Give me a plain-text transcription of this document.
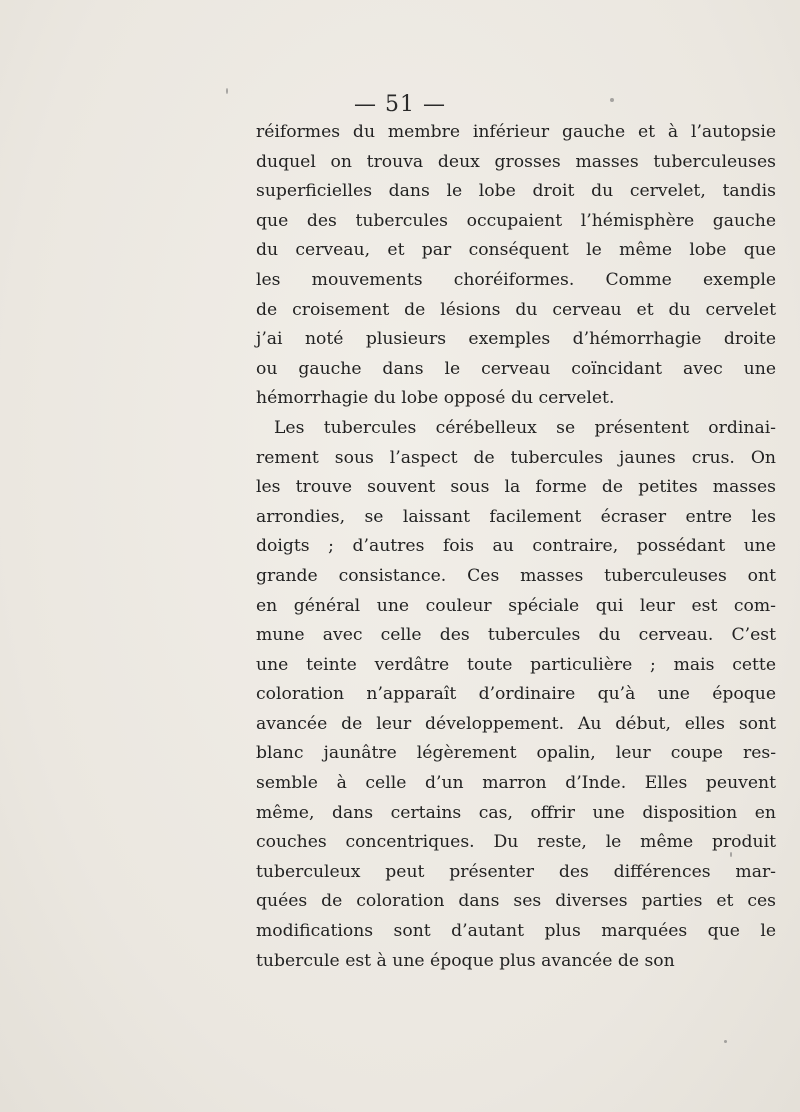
— 51 —
réiformes du membre inférieur gauche et à l’autopsie
duquel on trouva deux grosses masses tuberculeuses
superficielles dans le lobe droit du cervelet, tandis
que des tubercules occupaient l’hémisphère gauche
du cerveau, et par conséquent le même lobe que
les mouvements choréiformes. Comme exemple
de croisement de lésions du cerveau et du cervelet
j’ai noté plusieurs exemples d’hémorrhagie droite
ou gauche dans le cerveau coïncidant avec une
hémorrhagie du lobe opposé du cervelet.
Les tubercules cérébelleux se présentent ordinai-
rement sous l’aspect de tubercules jaunes crus. On
les trouve souvent sous la forme de petites masses
arrondies, se laissant facilement écraser entre les
doigts ; d’autres fois au contraire, possédant une
grande consistance. Ces masses tuberculeuses ont
en général une couleur spéciale qui leur est com-
mune avec celle des tubercules du cerveau. C’est
une teinte verdâtre toute particulière ; mais cette
coloration n’apparaît d’ordinaire qu’à une époque
avancée de leur développement. Au début, elles sont
blanc jaunâtre légèrement opalin, leur coupe res-
semble à celle d’un marron d’Inde. Elles peuvent
même, dans certains cas, offrir une disposition en
couches concentriques. Du reste, le même produit
tuberculeux peut présenter des différences mar-
quées de coloration dans ses diverses parties et ces
modifications sont d’autant plus marquées que le
tubercule est à une époque plus avancée de son
